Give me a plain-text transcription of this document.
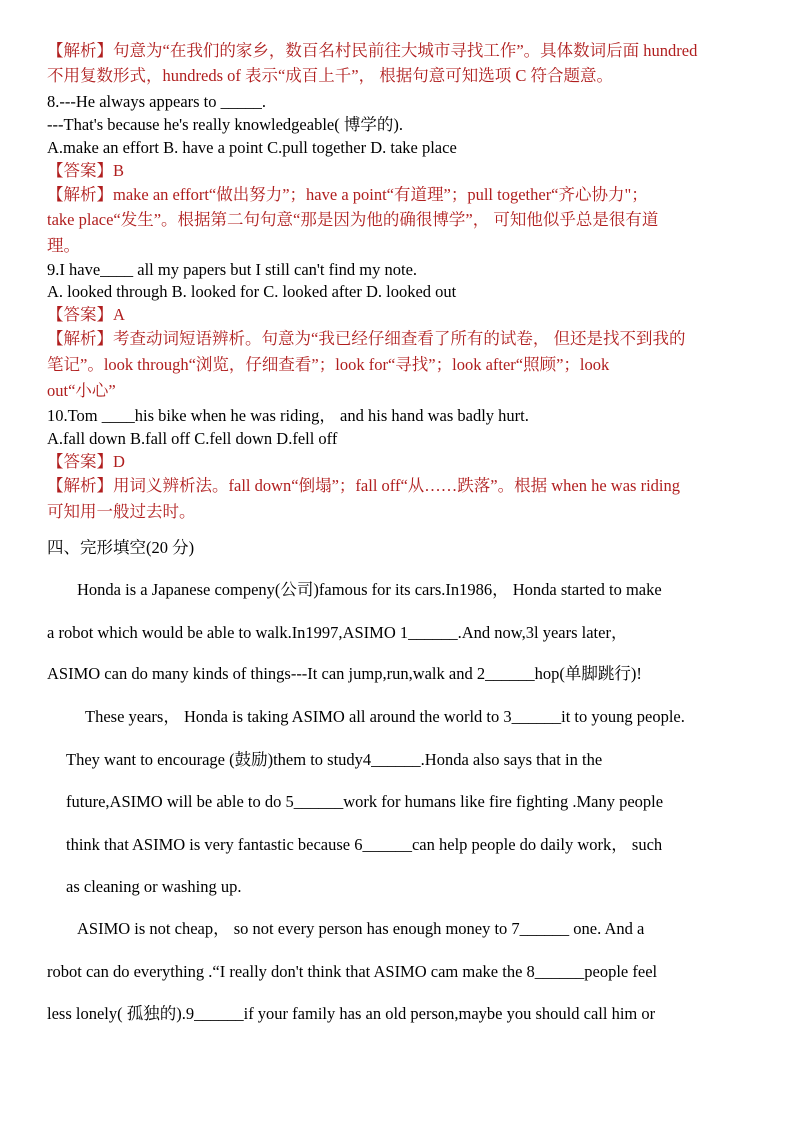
【解析】句意为“在我们的家乡，数百名村民前往大城市寻找工作”。具体数词后面 hundred
不用复数形式，hundreds of 表示“成百上千”， 根据句意可知选项 C 符合题意。
8.---He always appears to _____.
---That's because he's really knowledgeable( 博学的).
A.make an effort B. have a point C.pull together D. take place
【答案】B
【解析】make an effort“做出努力”；have a point“有道理”；pull together“齐心协力"；
take place“发生”。根据第二句句意“那是因为他的确很博学”， 可知他似乎总是很有道
理。
9.I have____ all my papers but I still can't find my note.
A. looked through B. looked for C. looked after D. looked out
【答案】A
【解析】考查动词短语辨析。句意为“我已经仔细查看了所有的试卷， 但还是找不到我的
笔记”。look through“浏览，仔细查看”；look for“寻找”；look after“照顾”；look
out“小心”
10.Tom ____his bike when he was riding， and his hand was badly hurt.
A.fall down B.fall off C.fell down D.fell off
【答案】D
【解析】用词义辨析法。fall down“倒塌”；fall off“从……跌落”。根据 when he was riding
可知用一般过去时。
四、完形填空(20 分)
Honda is a Japanese compeny(公司)famous for its cars.In1986， Honda started to make
a robot which would be able to walk.In1997,ASIMO 1______.And now,3l years later，
ASIMO can do many kinds of things---It can jump,run,walk and 2______hop(单脚跳行)!
These years， Honda is taking ASIMO all around the world to 3______it to young people.
They want to encourage (鼓励)them to study4______.Honda also says that in the
future,ASIMO will be able to do 5______work for humans like fire fighting .Many people
think that ASIMO is very fantastic because 6______can help people do daily work， such
as cleaning or washing up.
ASIMO is not cheap， so not every person has enough money to 7______ one. And a
robot can do everything .“I really don't think that ASIMO cam make the 8______people feel
less lonely( 孤独的).9______if your family has an old person,maybe you should call him or
